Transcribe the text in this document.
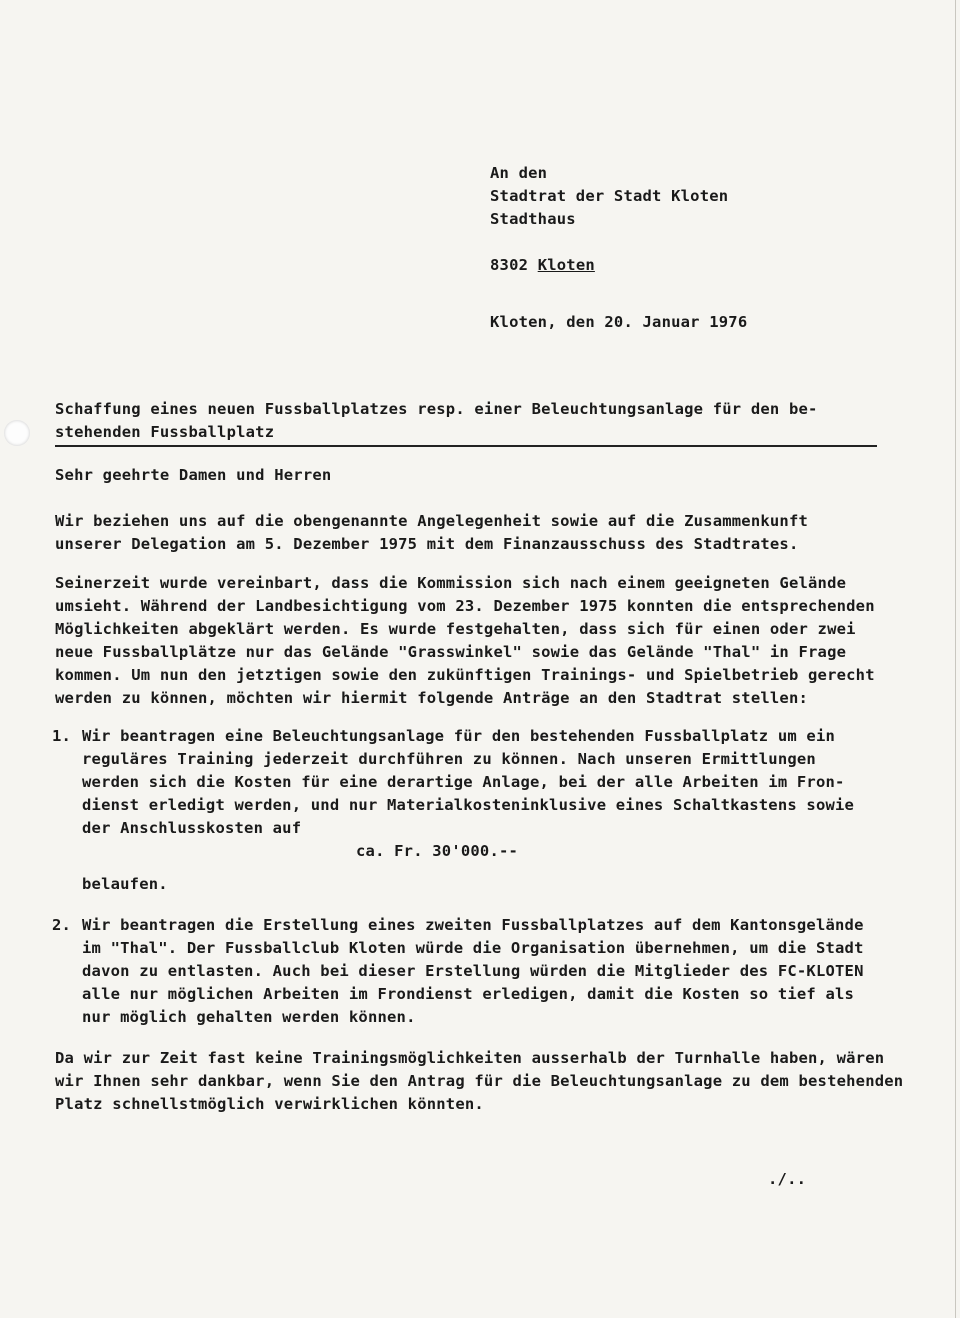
An den
Stadtrat der Stadt Kloten
Stadthaus
8302 Kloten
Kloten, den 20. Januar 1976
Schaffung eines neuen Fussballplatzes resp. einer Beleuchtungsanlage für den be-
stehenden Fussballplatz
Sehr geehrte Damen und Herren
Wir beziehen uns auf die obengenannte Angelegenheit sowie auf die Zusammenkunft
unserer Delegation am 5. Dezember 1975 mit dem Finanzausschuss des Stadtrates.
Seinerzeit wurde vereinbart, dass die Kommission sich nach einem geeigneten Gelände
umsieht. Während der Landbesichtigung vom 23. Dezember 1975 konnten die entsprechenden
Möglichkeiten abgeklärt werden. Es wurde festgehalten, dass sich für einen oder zwei
neue Fussballplätze nur das Gelände "Grasswinkel" sowie das Gelände "Thal" in Frage
kommen. Um nun den jetztigen sowie den zukünftigen Trainings- und Spielbetrieb gerecht
werden zu können, möchten wir hiermit folgende Anträge an den Stadtrat stellen:
1. Wir beantragen eine Beleuchtungsanlage für den bestehenden Fussballplatz um ein
reguläres Training jederzeit durchführen zu können. Nach unseren Ermittlungen
werden sich die Kosten für eine derartige Anlage, bei der alle Arbeiten im Fron-
dienst erledigt werden, und nur Materialkosteninklusive eines Schaltkastens sowie
der Anschlusskosten auf
ca. Fr. 30'000.--
belaufen.
2. Wir beantragen die Erstellung eines zweiten Fussballplatzes auf dem Kantonsgelände
im "Thal". Der Fussballclub Kloten würde die Organisation übernehmen, um die Stadt
davon zu entlasten. Auch bei dieser Erstellung würden die Mitglieder des FC-KLOTEN
alle nur möglichen Arbeiten im Frondienst erledigen, damit die Kosten so tief als
nur möglich gehalten werden können.
Da wir zur Zeit fast keine Trainingsmöglichkeiten ausserhalb der Turnhalle haben, wären
wir Ihnen sehr dankbar, wenn Sie den Antrag für die Beleuchtungsanlage zu dem bestehenden
Platz schnellstmöglich verwirklichen könnten.
./..
